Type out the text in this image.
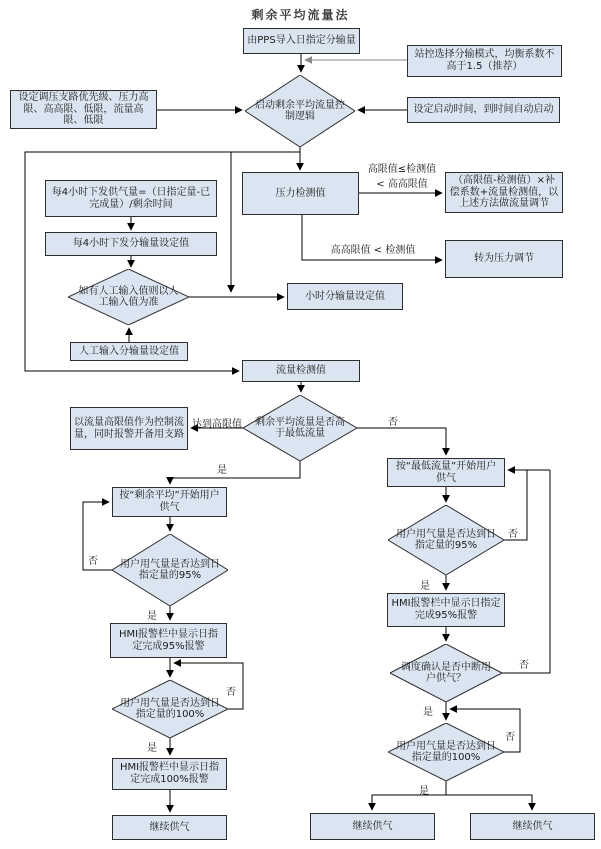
剩余平均流量法
由PPS导入日指定分输量
站控选择分输模式，均衡系数不高于1.5（推荐）
设定启动时间，到时间自动启动
设定调压支路优先级、压力高限、高高限、低限，流量高限、低限
每4小时下发供气量=（日指定量-已完成量）/剩余时间
每4小时下发分输量设定值
人工输入分输量设定值
小时分输量设定值
压力检测值
（高限值-检测值）×补偿系数+流量检测值，以上述方法做流量调节
转为压力调节
流量检测值
以流量高限值作为控制流量，同时报警开备用支路
按“剩余平均”开始用户供气
HMI报警栏中显示日指定完成95%报警
HMI报警栏中显示日指定完成100%报警
继续供气
按“最低流量”开始用户供气
HMI报警栏中显示日指定完成95%报警
继续供气	继续供气
启动剩余平均流量控制逻辑
如有人工输入值则以人工输入值为准
剩余平均流量是否高于最低流量
用户用气量是否达到日指定量的95%
用户用气量是否达到日指定量的100%
用户用气量是否达到日指定量的95%
调度确认是否中断用户供气？
用户用气量是否达到日指定量的100%
高限值≤检测值
< 高高限值
高高限值 < 检测值
达到高限值	否
是
否
是
否
是
否
是
否
是
否
是
